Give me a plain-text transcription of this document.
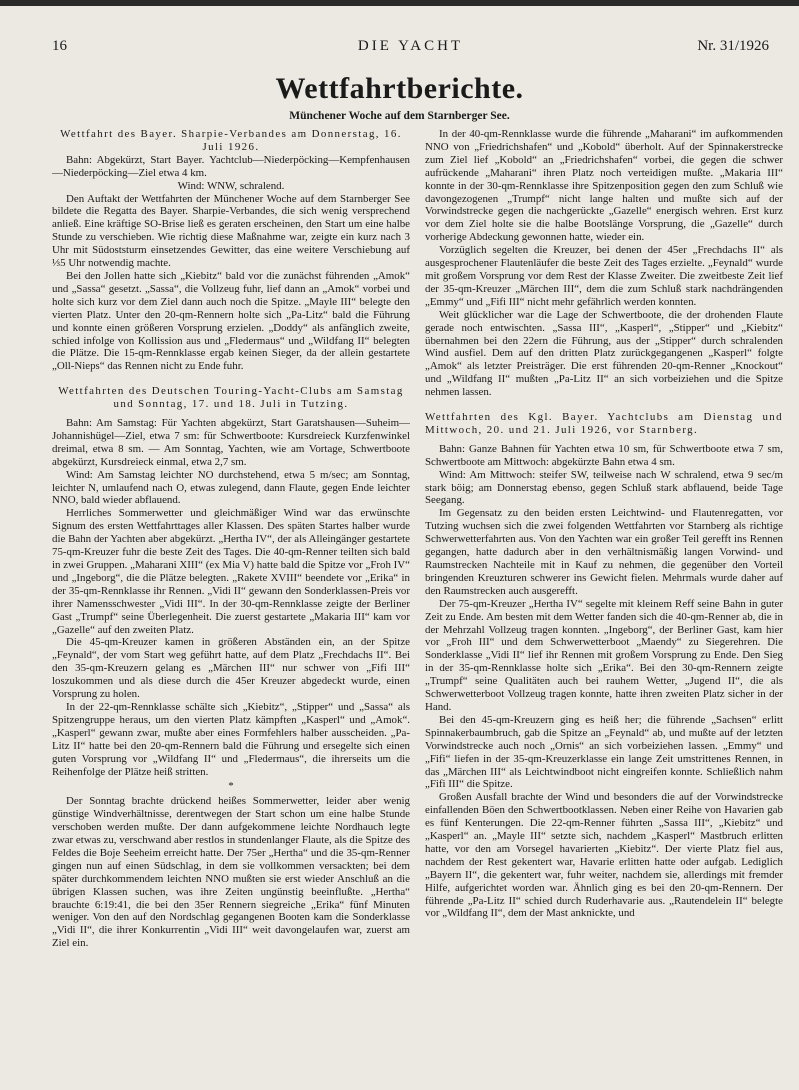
16	DIE YACHT	Nr. 31/1926
Wettfahrtberichte.
Münchener Woche auf dem Starnberger See.

Wettfahrt des Bayer. Sharpie-Verbandes am Donnerstag, 16. Juli 1926.

Bahn: Abgekürzt, Start Bayer. Yachtclub—Niederpöcking—Kempfenhausen—Niederpöcking—Ziel etwa 4 km.

Wind: WNW, schralend.

Den Auftakt der Wettfahrten der Münchener Woche auf dem Starnberger See bildete die Regatta des Bayer. Sharpie-Verbandes, die sich wenig versprechend anließ. Eine kräftige SO-Brise ließ es geraten erscheinen, den Start um eine halbe Stunde zu verschieben. Wie richtig diese Maßnahme war, zeigte ein kurz nach 3 Uhr mit Südoststurm einsetzendes Gewitter, das eine weitere Verschiebung auf ⅓5 Uhr notwendig machte.

Bei den Jollen hatte sich „Kiebitz“ bald vor die zunächst führenden „Amok“ und „Sassa“ gesetzt. „Sassa“, die Vollzeug fuhr, lief dann an „Amok“ vorbei und holte sich kurz vor dem Ziel dann auch noch die Spitze. „Mayle III“ belegte den vierten Platz. Unter den 20-qm-Rennern holte sich „Pa-Litz“ bald die Führung und konnte einen größeren Vorsprung erzielen. „Doddy“ als anfänglich zweite, schied infolge von Kollission aus und „Fledermaus“ und „Wildfang II“ belegten die Plätze. Die 15-qm-Rennklasse ergab keinen Sieger, da der allein gestartete „Oll-Nieps“ das Rennen nicht zu Ende fuhr.

Wettfahrten des Deutschen Touring-Yacht-Clubs am Samstag und Sonntag, 17. und 18. Juli in Tutzing.

Bahn: Am Samstag: Für Yachten abgekürzt, Start Garatshausen—Suheim—Johannishügel—Ziel, etwa 7 sm: für Schwertboote: Kursdreieck Kurzfenwinkel dreimal, etwa 8 sm. — Am Sonntag, Yachten, wie am Vortage, Schwertboote abgekürzt, Kursdreieck einmal, etwa 2,7 sm.

Wind: Am Samstag leichter NO durchstehend, etwa 5 m/sec; am Sonntag, leichter N, umlaufend nach O, etwas zulegend, dann Flaute, gegen Ende leichter NNO, bald wieder abflauend.

Herrliches Sommerwetter und gleichmäßiger Wind war das erwünschte Signum des ersten Wettfahrttages aller Klassen. Des späten Startes halber wurde die Bahn der Yachten aber abgekürzt. „Hertha IV“, der als Alleingänger gestartete 75-qm-Kreuzer fuhr die beste Zeit des Tages. Die 40-qm-Renner teilten sich bald in zwei Gruppen. „Maharani XIII“ (ex Mia V) hatte bald die Spitze vor „Froh IV“ und „Ingeborg“, die die Plätze belegten. „Rakete XVIII“ beendete vor „Erika“ in der 35-qm-Rennklasse ihr Rennen. „Vidi II“ gewann den Sonderklassen-Preis vor ihrer Namensschwester „Vidi III“. In der 30-qm-Rennklasse zeigte der Berliner Gast „Trumpf“ seine Überlegenheit. Die zuerst gestartete „Makaria III“ kam vor „Gazelle“ auf den zweiten Platz.

Die 45-qm-Kreuzer kamen in größeren Abständen ein, an der Spitze „Feynald“, der vom Start weg geführt hatte, auf dem Platz „Frechdachs II“. Bei den 35-qm-Kreuzern gelang es „Märchen III“ nur schwer von „Fifi III“ loszukommen und als diese durch die 45er Kreuzer abgedeckt wurde, einen Vorsprung zu holen.

In der 22-qm-Rennklasse schälte sich „Kiebitz“, „Stipper“ und „Sassa“ als Spitzengruppe heraus, um den vierten Platz kämpften „Kasperl“ und „Amok“. „Kasperl“ gewann zwar, mußte aber eines Formfehlers halber ausscheiden. „Pa-Litz II“ hatte bei den 20-qm-Rennern bald die Führung und ersegelte sich einen guten Vorsprung vor „Wildfang II“ und „Fledermaus“, die ihrerseits um die Reihenfolge der Plätze heiß stritten.

*

Der Sonntag brachte drückend heißes Sommerwetter, leider aber wenig günstige Windverhältnisse, derentwegen der Start schon um eine halbe Stunde verschoben werden mußte. Der dann aufgekommene leichte Nordhauch legte zwar etwas zu, verschwand aber restlos in stundenlanger Flaute, als die Spitze des Feldes die Boje Seeheim erreicht hatte. Der 75er „Hertha“ und die 35-qm-Renner gingen nun auf einen Südschlag, in dem sie vollkommen versackten; bei dem später durchkommendem leichten NNO mußten sie erst wieder Anschluß an die übrigen Klassen suchen, was ihre Zeiten ungünstig beeinflußte. „Hertha“ brauchte 6:19:41, die bei den 35er Rennern siegreiche „Erika“ fünf Minuten weniger. Von den auf den Nordschlag gegangenen Booten kam die Sonderklasse „Vidi II“, die ihrer Konkurrentin „Vidi III“ weit davongelaufen war, zuerst am Ziel ein.

In der 40-qm-Rennklasse wurde die führende „Maharani“ im aufkommenden NNO von „Friedrichshafen“ und „Kobold“ überholt. Auf der Spinnakerstrecke zum Ziel lief „Kobold“ an „Friedrichshafen“ vorbei, die gegen die schwer aufrückende „Maharani“ ihren Platz noch verteidigen mußte. „Makaria III“ konnte in der 30-qm-Rennklasse ihre Spitzenposition gegen den zum Schluß wie davongezogenen „Trumpf“ nicht lange halten und mußte sich auf der Vorwindstrecke gegen die nachgerückte „Gazelle“ energisch wehren. Erst kurz vor dem Ziel holte sie die halbe Bootslänge Vorsprung, die „Gazelle“ durch vorherige Abdeckung gewonnen hatte, wieder ein.

Vorzüglich segelten die Kreuzer, bei denen der 45er „Frechdachs II“ als ausgesprochener Flautenläufer die beste Zeit des Tages erzielte. „Feynald“ wurde mit großem Vorsprung vor dem Rest der Klasse Zweiter. Die zweitbeste Zeit lief der 35-qm-Kreuzer „Märchen III“, dem die zum Schluß stark nachdrängenden „Emmy“ und „Fifi III“ nicht mehr gefährlich werden konnten.

Weit glücklicher war die Lage der Schwertboote, die der drohenden Flaute gerade noch entwischten. „Sassa III“, „Kasperl“, „Stipper“ und „Kiebitz“ übernahmen bei den 22ern die Führung, aus der „Stipper“ durch schralenden Wind ausfiel. Dem auf den dritten Platz zurückgegangenen „Kasperl“ folgte „Amok“ als letzter Preisträger. Die erst führenden 20-qm-Renner „Knockout“ und „Wildfang II“ mußten „Pa-Litz II“ an sich vorbeiziehen und die Spitze nehmen lassen.

Wettfahrten des Kgl. Bayer. Yachtclubs am Dienstag und Mittwoch, 20. und 21. Juli 1926, vor Starnberg.

Bahn: Ganze Bahnen für Yachten etwa 10 sm, für Schwertboote etwa 7 sm, Schwertboote am Mittwoch: abgekürzte Bahn etwa 4 sm.

Wind: Am Mittwoch: steifer SW, teilweise nach W schralend, etwa 9 sec/m stark böig; am Donnerstag ebenso, gegen Schluß stark abflauend, beide Tage Seegang.

Im Gegensatz zu den beiden ersten Leichtwind- und Flautenregatten, vor Tutzing wuchsen sich die zwei folgenden Wettfahrten vor Starnberg als richtige Schwerwetterfahrten aus. Von den Yachten war ein großer Teil gerefft ins Rennen gegangen, hatte dadurch aber in den verhältnismäßig langen Vorwind- und Raumstrecken Nachteile mit in Kauf zu nehmen, die gegenüber den Vorteil bringenden Kreuzturen schwerer ins Gewicht fielen. Mehrmals wurde daher auf den Raumstrecken auch ausgerefft.

Der 75-qm-Kreuzer „Hertha IV“ segelte mit kleinem Reff seine Bahn in guter Zeit zu Ende. Am besten mit dem Wetter fanden sich die 40-qm-Renner ab, die in der Mehrzahl Vollzeug tragen konnten. „Ingeborg“, der Berliner Gast, kam hier vor „Froh III“ und dem Schwerwetterboot „Maendy“ zu Siegerehren. Die Sonderklasse „Vidi II“ lief ihr Rennen mit großem Vorsprung zu Ende. Den Sieg in der 35-qm-Rennklasse holte sich „Erika“. Bei den 30-qm-Rennern zeigte „Trumpf“ seine Qualitäten auch bei rauhem Wetter, „Jugend II“, die als Schwerwetterboot Vollzeug tragen konnte, hatte ihren zweiten Platz sicher in der Hand.

Bei den 45-qm-Kreuzern ging es heiß her; die führende „Sachsen“ erlitt Spinnakerbaumbruch, gab die Spitze an „Feynald“ ab, und mußte auf der letzten Vorwindstrecke auch noch „Ornis“ an sich vorbeiziehen lassen. „Emmy“ und „Fifi“ liefen in der 35-qm-Kreuzerklasse ein lange Zeit umstrittenes Rennen, in das „Märchen III“ als Leichtwindboot nicht eingreifen konnte. Schließlich nahm „Fifi III“ die Spitze.

Großen Ausfall brachte der Wind und besonders die auf der Vorwindstrecke einfallenden Böen den Schwertbootklassen. Neben einer Reihe von Havarien gab es fünf Kenterungen. Die 22-qm-Renner führten „Sassa III“, „Kiebitz“ und „Kasperl“ an. „Mayle III“ setzte sich, nachdem „Kasperl“ Mastbruch erlitten hatte, vor den am Vorsegel havarierten „Kiebitz“. Der vierte Platz fiel aus, nachdem der Rest gekentert war, Havarie erlitten hatte oder aufgab. Lediglich „Bayern II“, die gekentert war, fuhr weiter, nachdem sie, allerdings mit fremder Hilfe, aufgerichtet worden war. Ähnlich ging es bei den 20-qm-Rennern. Der führende „Pa-Litz II“ schied durch Ruderhavarie aus. „Rautendelein II“ belegte vor „Wildfang II“, dem der Mast anknickte, und
